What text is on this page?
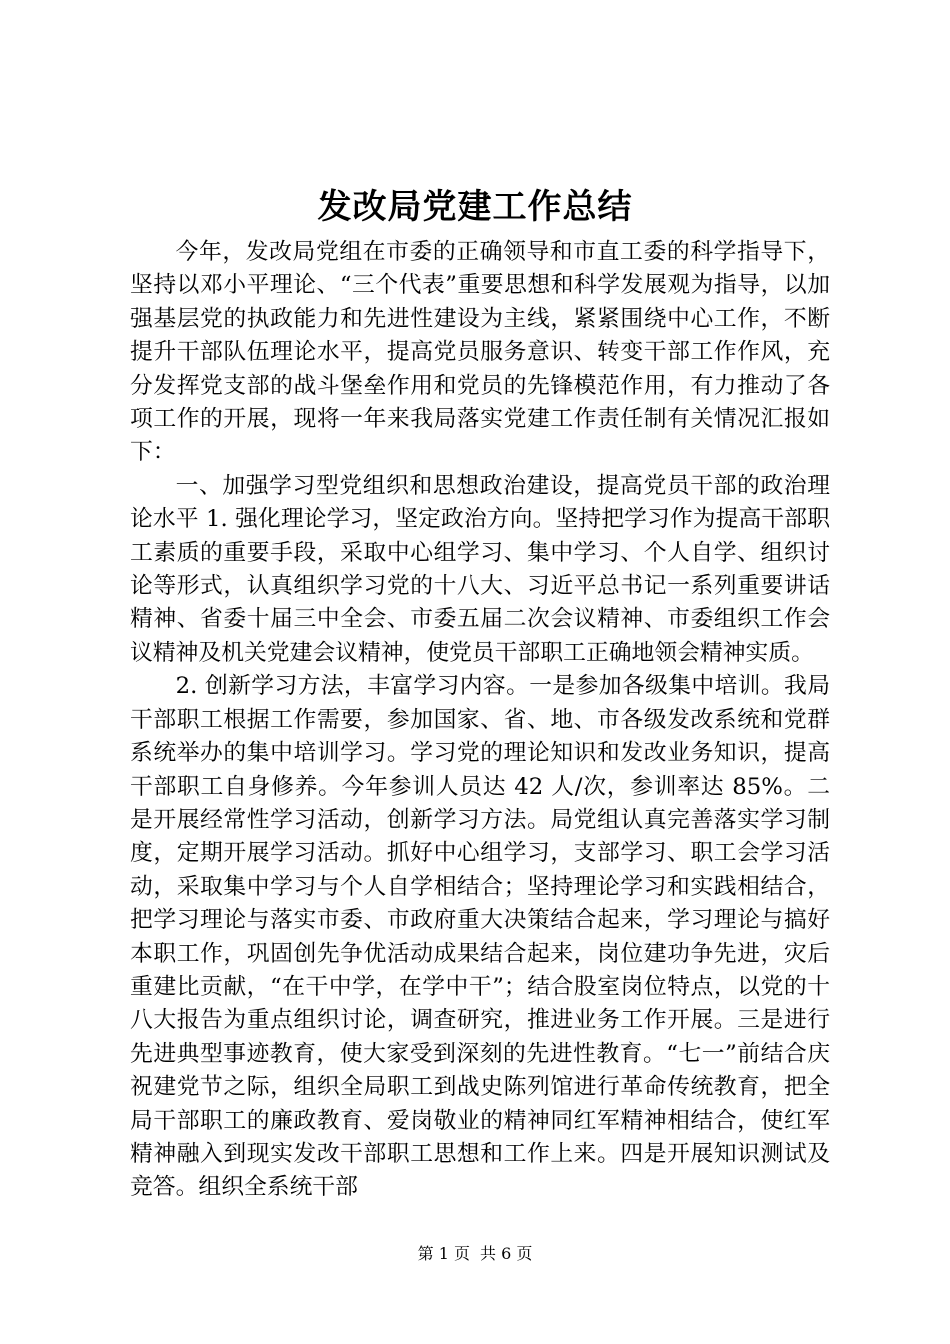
发改局党建工作总结

今年，发改局党组在市委的正确领导和市直工委的科学指导下，坚持以邓小平理论、“三个代表”重要思想和科学发展观为指导，以加强基层党的执政能力和先进性建设为主线，紧紧围绕中心工作，不断提升干部队伍理论水平，提高党员服务意识、转变干部工作作风，充分发挥党支部的战斗堡垒作用和党员的先锋模范作用，有力推动了各项工作的开展，现将一年来我局落实党建工作责任制有关情况汇报如下：

一、加强学习型党组织和思想政治建设，提高党员干部的政治理论水平 1. 强化理论学习，坚定政治方向。坚持把学习作为提高干部职工素质的重要手段，采取中心组学习、集中学习、个人自学、组织讨论等形式，认真组织学习党的十八大、习近平总书记一系列重要讲话精神、省委十届三中全会、市委五届二次会议精神、市委组织工作会议精神及机关党建会议精神，使党员干部职工正确地领会精神实质。

2. 创新学习方法，丰富学习内容。一是参加各级集中培训。我局干部职工根据工作需要，参加国家、省、地、市各级发改系统和党群系统举办的集中培训学习。学习党的理论知识和发改业务知识，提高干部职工自身修养。今年参训人员达 42 人/次，参训率达 85%。二是开展经常性学习活动，创新学习方法。局党组认真完善落实学习制度，定期开展学习活动。抓好中心组学习，支部学习、职工会学习活动，采取集中学习与个人自学相结合；坚持理论学习和实践相结合，把学习理论与落实市委、市政府重大决策结合起来，学习理论与搞好本职工作，巩固创先争优活动成果结合起来，岗位建功争先进，灾后重建比贡献，“在干中学，在学中干”；结合股室岗位特点，以党的十八大报告为重点组织讨论，调查研究，推进业务工作开展。三是进行先进典型事迹教育，使大家受到深刻的先进性教育。“七一”前结合庆祝建党节之际，组织全局职工到战史陈列馆进行革命传统教育，把全局干部职工的廉政教育、爱岗敬业的精神同红军精神相结合，使红军精神融入到现实发改干部职工思想和工作上来。四是开展知识测试及竞答。组织全系统干部

第 1 页 共 6 页
